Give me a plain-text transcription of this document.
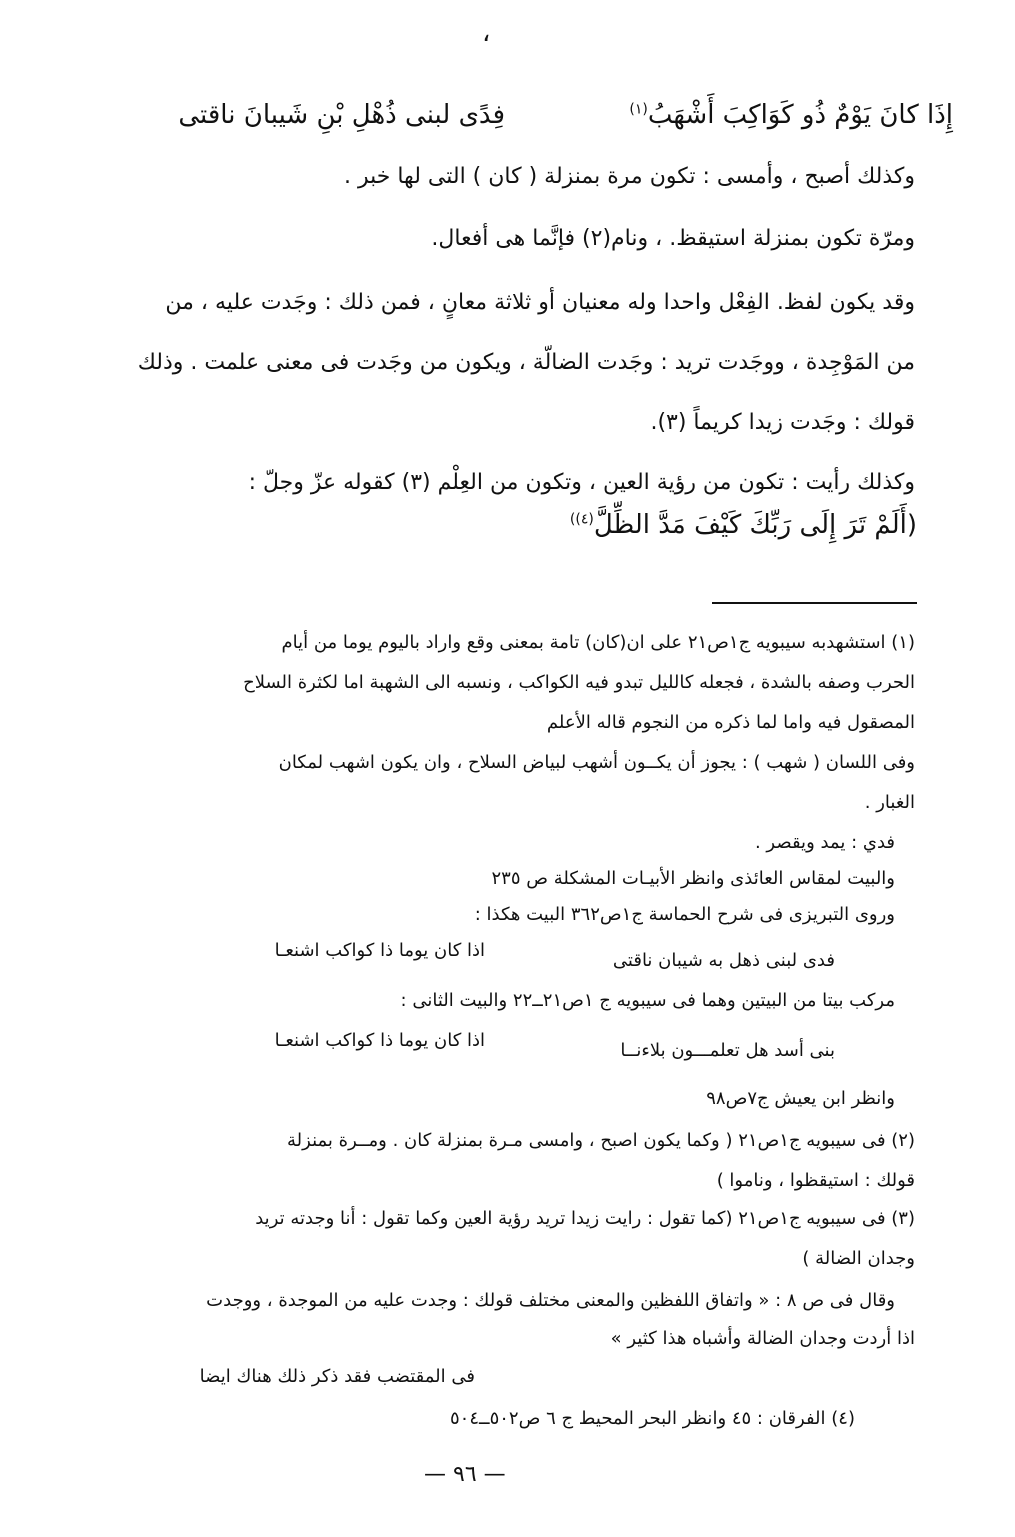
،
إِذَا كانَ يَوْمٌ ذُو كَوَاكِبَ أَشْهَبُ$^{(١)}$
فِدًى لبنى ذُهْلِ بْنِ شَيبانَ ناقتى
وكذلك أصبح ، وأمسى : تكون مرة بمنزلة ( كان ) التى لها خبر .
ومرّة تكون بمنزلة استيقظ. ، ونام(٢) فإنَّما هى أفعال.
وقد يكون لفظ. الفِعْل واحدا وله معنيان أو ثلاثة معانٍ ، فمن ذلك : وجَدت عليه ، من
من المَوْجِدة ، ووجَدت تريد : وجَدت الضالّة ، ويكون من وجَدت فى معنى علمت . وذلك
قولك : وجَدت زيدا كريماً (٣).
وكذلك رأيت : تكون من رؤية العين ، وتكون من العِلْم (٣) كقوله عزّ وجلّ :
(أَلَمْ تَرَ إِلَى رَبِّكَ كَيْفَ مَدَّ الظِّلَّ$^{(٤))}$
(١) استشهدبه سيبويه ج١ص٢١ على ان(كان) تامة بمعنى وقع واراد باليوم يوما من أيام
الحرب وصفه بالشدة ، فجعله كالليل تبدو فيه الكواكب ، ونسبه الى الشهبة اما لكثرة السلاح
المصقول فيه واما لما ذكره من النجوم قاله الأعلم
وفى اللسان ( شهب ) : يجوز أن يكــون أشهب لبياض السلاح ، وان يكون اشهب لمكان
الغبار .
فدي : يمد ويقصر .
والبيت لمقاس العائذى وانظر الأبيـات المشكلة ص ٢٣٥
وروى التبريزى فى شرح الحماسة ج١ص٣٦٢ البيت هكذا :
فدى لبنى ذهل به شيبان ناقتى
اذا كان يوما ذا كواكب اشنعـا
مركب بيتا من البيتين وهما فى سيبويه ج ١ص٢١ــ٢٢ والبيت الثانى :
بنى أسد هل تعلمـــون بلاءنــا
اذا كان يوما ذا كواكب اشنعـا
وانظر ابن يعيش ج٧ص٩٨
(٢) فى سيبويه ج١ص٢١ ( وكما يكون اصبح ، وامسى مـرة بمنزلة كان . ومــرة بمنزلة
قولك : استيقظوا ، وناموا )
(٣) فى سيبويه ج١ص٢١ (كما تقول : رايت زيدا تريد رؤية العين وكما تقول : أنا وجدته تريد
وجدان الضالة )
وقال فى ص ٨ : « واتفاق اللفظين والمعنى مختلف قولك : وجدت عليه من الموجدة ، ووجدت
اذا أردت وجدان الضالة وأشباه هذا كثير »
فى المقتضب فقد ذكر ذلك هناك ايضا
(٤) الفرقان : ٤٥ وانظر البحر المحيط ج ٦ ص٥٠٢ــ٥٠٤
— ٩٦ —
